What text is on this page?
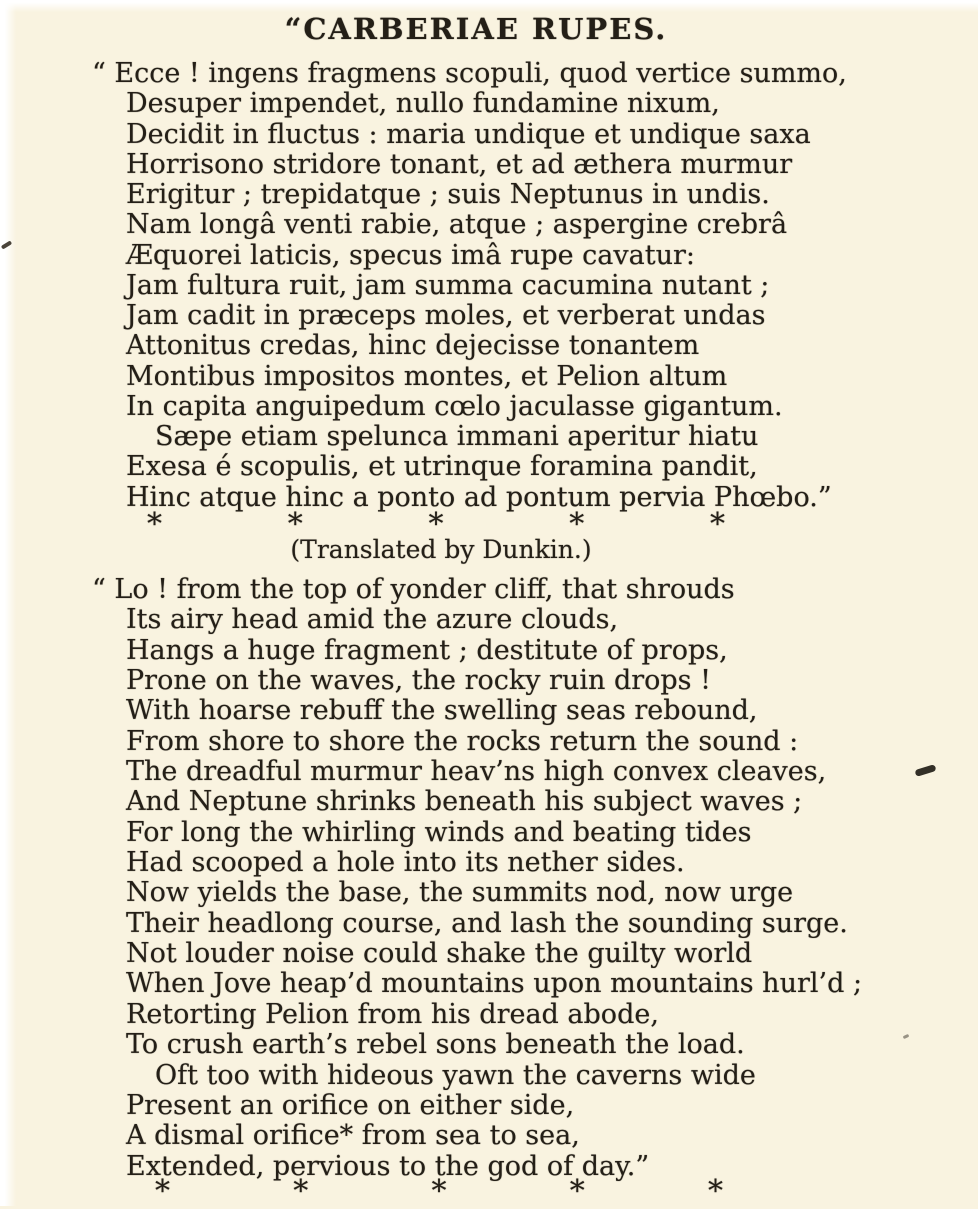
“CARBERIAE RUPES.
“ Ecce ! ingens fragmens scopuli, quod vertice summo,
Desuper impendet, nullo fundamine nixum,
Decidit in fluctus : maria undique et undique saxa
Horrisono stridore tonant, et ad æthera murmur
Erigitur ; trepidatque ; suis Neptunus in undis.
Nam longâ venti rabie, atque ; aspergine crebrâ
Æquorei laticis, specus imâ rupe cavatur:
Jam fultura ruit, jam summa cacumina nutant ;
Jam cadit in præceps moles, et verberat undas
Attonitus credas, hinc dejecisse tonantem
Montibus impositos montes, et Pelion altum
In capita anguipedum cœlo jaculasse gigantum.
Sæpe etiam spelunca immani aperitur hiatu
Exesa é scopulis, et utrinque foramina pandit,
Hinc atque hinc a ponto ad pontum pervia Phœbo.”
*	*	*	*	*
(Translated by Dunkin.)
“ Lo ! from the top of yonder cliff, that shrouds
Its airy head amid the azure clouds,
Hangs a huge fragment ; destitute of props,
Prone on the waves, the rocky ruin drops !
With hoarse rebuff the swelling seas rebound,
From shore to shore the rocks return the sound :
The dreadful murmur heav’ns high convex cleaves,
And Neptune shrinks beneath his subject waves ;
For long the whirling winds and beating tides
Had scooped a hole into its nether sides.
Now yields the base, the summits nod, now urge
Their headlong course, and lash the sounding surge.
Not louder noise could shake the guilty world
When Jove heap’d mountains upon mountains hurl’d ;
Retorting Pelion from his dread abode,
To crush earth’s rebel sons beneath the load.
Oft too with hideous yawn the caverns wide
Present an orifice on either side,
A dismal orifice* from sea to sea,
Extended, pervious to the god of day.”
*	*	*	*	*
